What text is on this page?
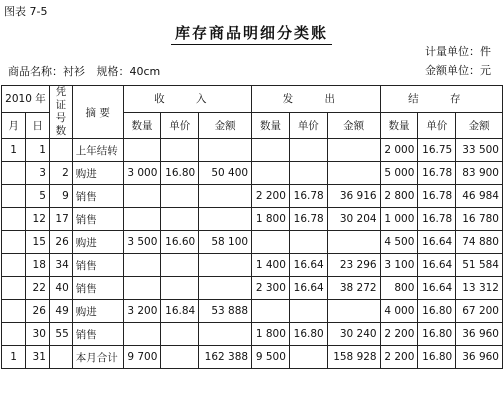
图表 7-5
库存商品明细分类账
计量单位：件
金额单位：元
商品名称：衬衫 规格：40cm
2010 年		凭证号数	摘 要	收 入			发 出			结 存		
月	日			数量	单价	金额	数量	单价	金额	数量	单价	金额
1	1		上年结转							2 000	16.75	33 500
	3	2	购进	3 000	16.80	50 400				5 000	16.78	83 900
	5	9	销售				2 200	16.78	36 916	2 800	16.78	46 984
	12	17	销售				1 800	16.78	30 204	1 000	16.78	16 780
	15	26	购进	3 500	16.60	58 100				4 500	16.64	74 880
	18	34	销售				1 400	16.64	23 296	3 100	16.64	51 584
	22	40	销售				2 300	16.64	38 272	800	16.64	13 312
	26	49	购进	3 200	16.84	53 888				4 000	16.80	67 200
	30	55	销售				1 800	16.80	30 240	2 200	16.80	36 960
1	31		本月合计	9 700		162 388	9 500		158 928	2 200	16.80	36 960
